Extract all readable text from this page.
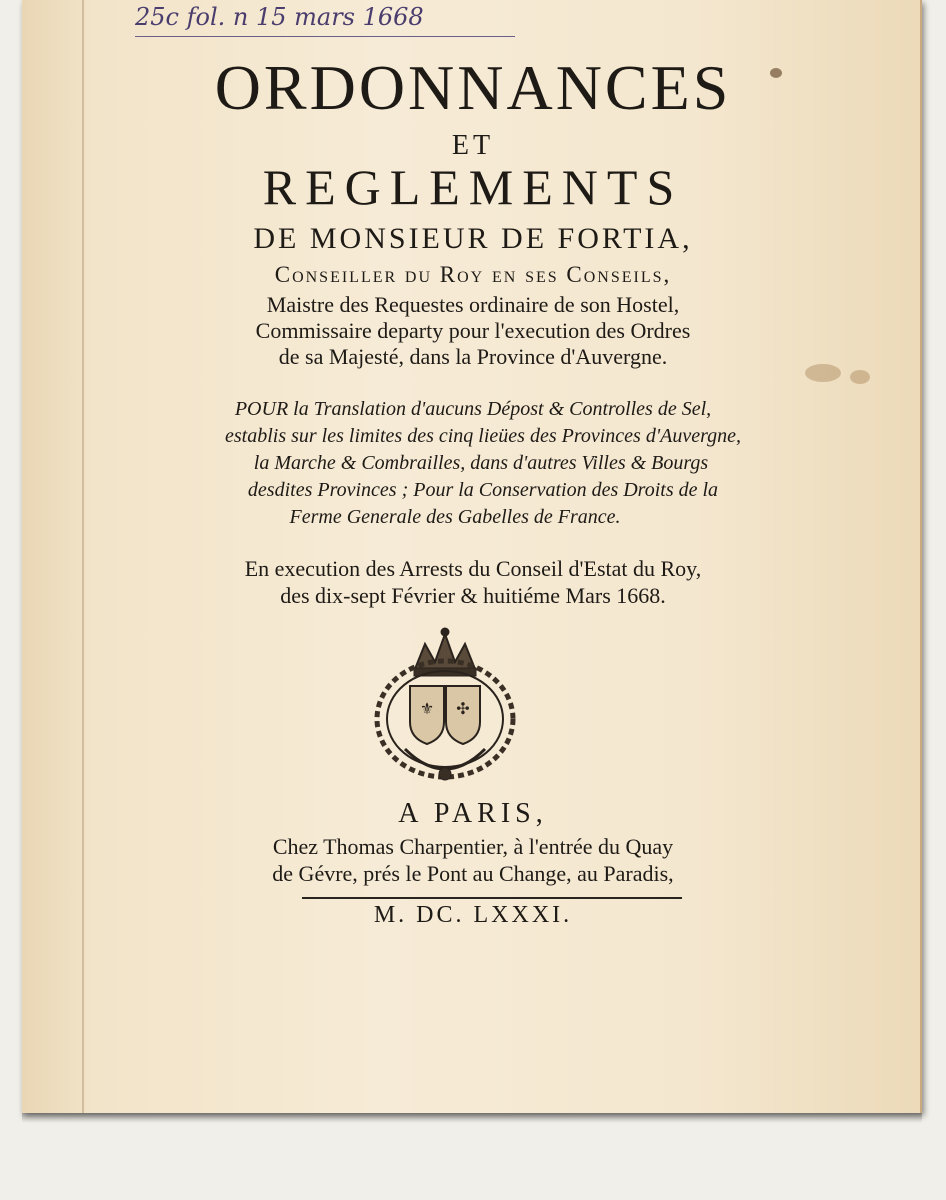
25c fol. n 15 mars 1668
ORDONNANCES
ET
REGLEMENTS
DE MONSIEUR DE FORTIA,
Conseiller du Roy en ses Conseils,
Maistre des Requestes ordinaire de son Hostel,
Commissaire departy pour l'execution des Ordres
de sa Majesté, dans la Province d'Auvergne.
POUR la Translation d'aucuns Dépost & Controlles de Sel,
establis sur les limites des cinq lieües des Provinces d'Auvergne,
la Marche & Combrailles, dans d'autres Villes & Bourgs
desdites Provinces ; Pour la Conservation des Droits de la
Ferme Generale des Gabelles de France.
En execution des Arrests du Conseil d'Estat du Roy,
des dix-sept Février & huitiéme Mars 1668.
⚜ ✣
A PARIS,
Chez Thomas Charpentier, à l'entrée du Quay
de Gévre, prés le Pont au Change, au Paradis,
M. DC. LXXXI.
